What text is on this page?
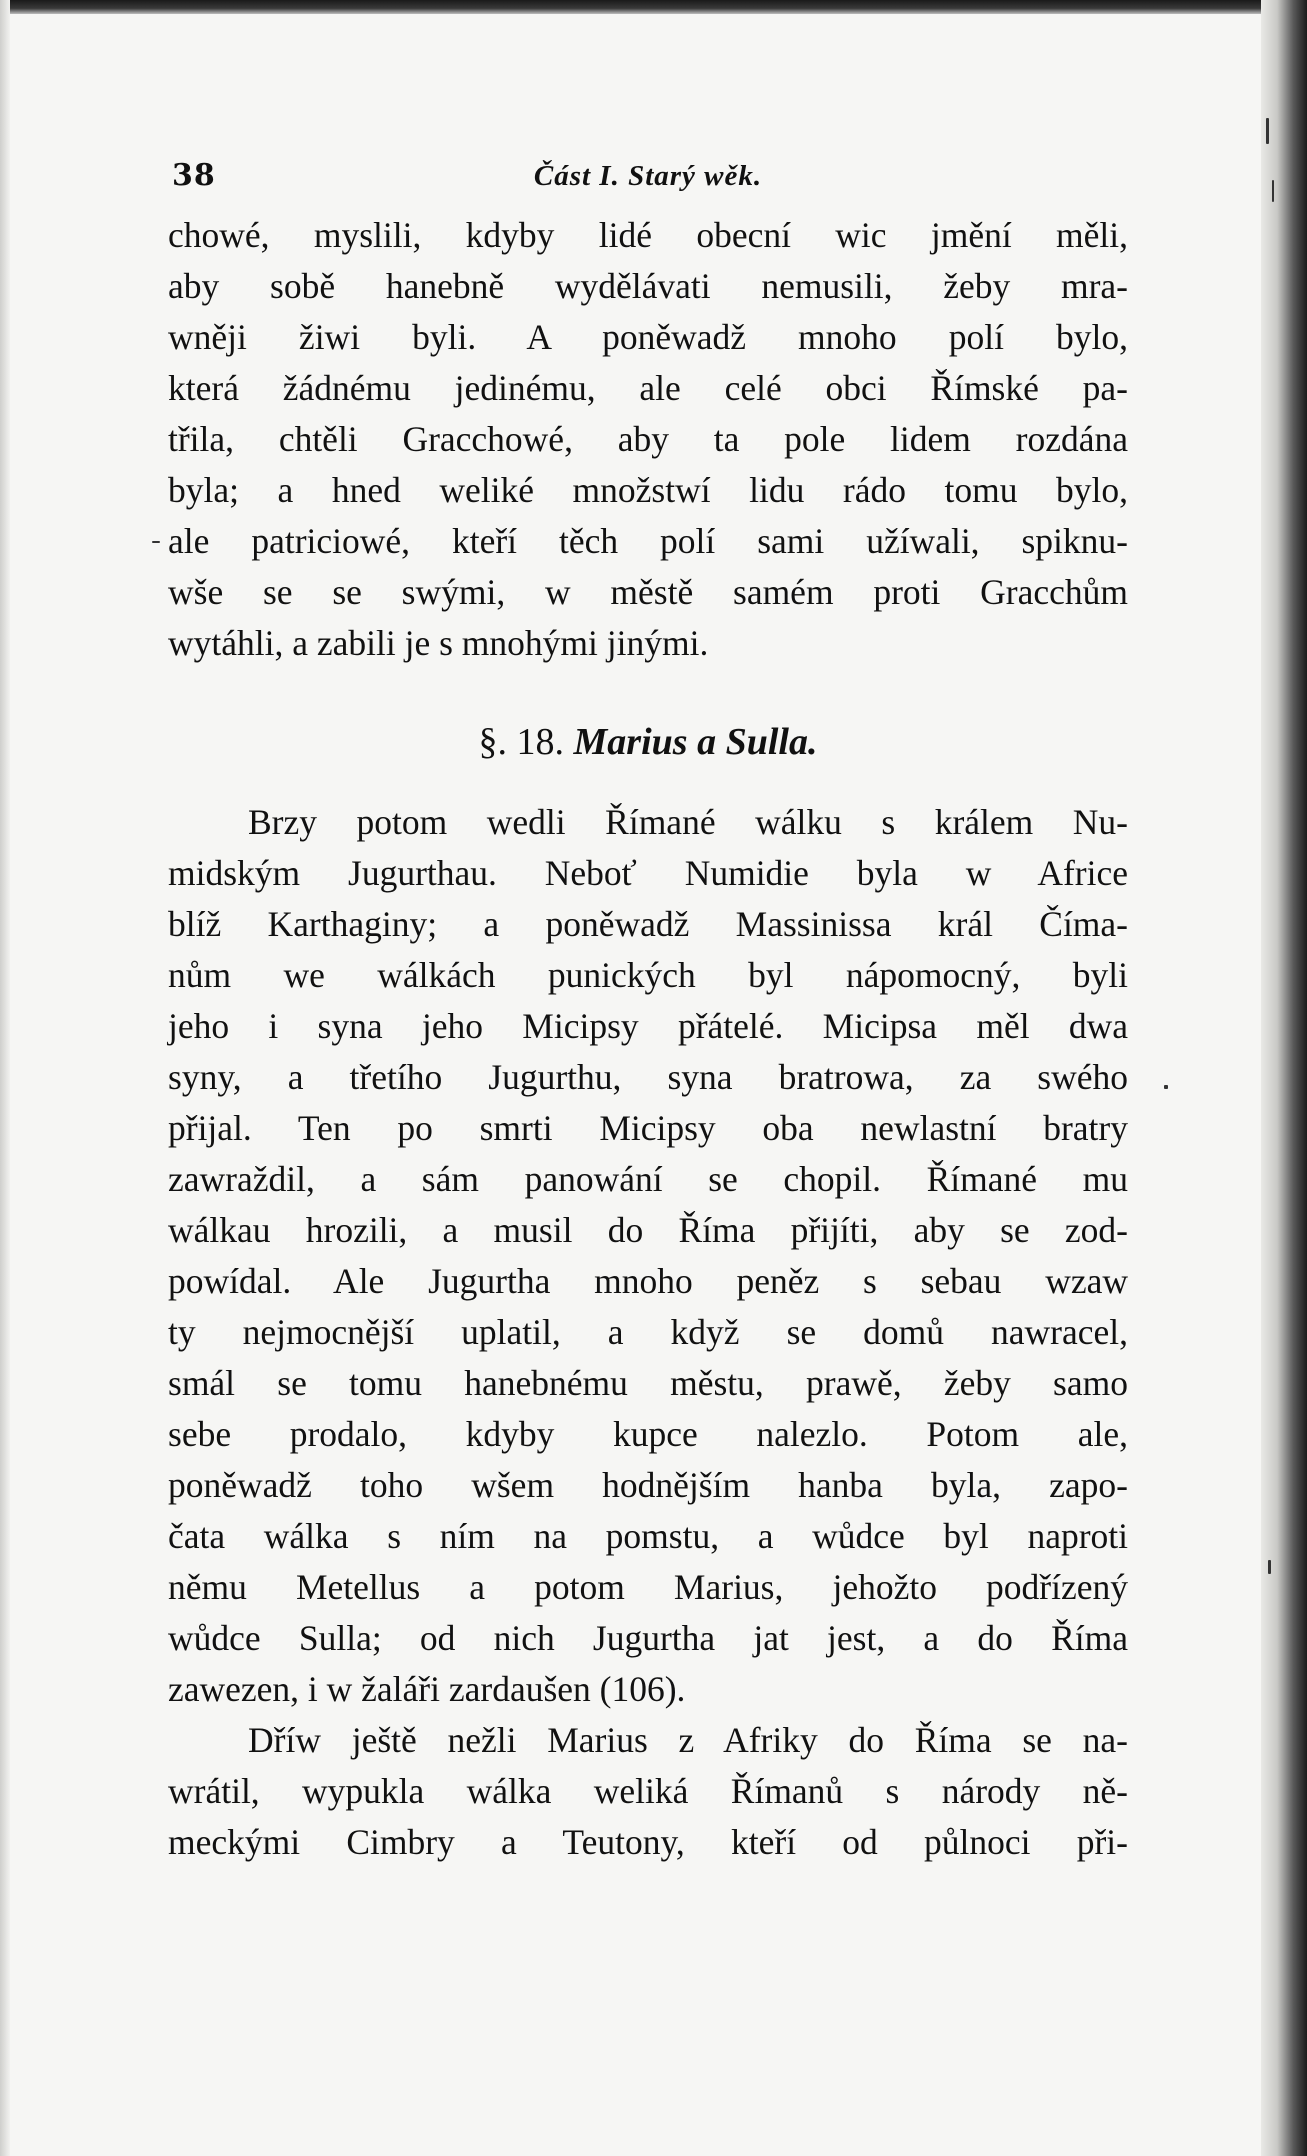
38	Část I. Starý wěk.
chowé, myslili, kdyby lidé obecní wic jmění měli,
aby sobě hanebně wydělávati nemusili, žeby mra-
wněji žiwi byli. A poněwadž mnoho polí bylo,
která žádnému jedinému, ale celé obci Římské pa-
třila, chtěli Gracchowé, aby ta pole lidem rozdána
byla; a hned weliké množstwí lidu rádo tomu bylo,
ale patriciowé, kteří těch polí sami užíwali, spiknu-
wše se se swými, w městě samém proti Gracchům
wytáhli, a zabili je s mnohými jinými.
§. 18. Marius a Sulla.
Brzy potom wedli Římané wálku s králem Nu-
midským Jugurthau. Neboť Numidie byla w Africe
blíž Karthaginy; a poněwadž Massinissa král Číma-
nům we wálkách punických byl nápomocný, byli
jeho i syna jeho Micipsy přátelé. Micipsa měl dwa
syny, a třetího Jugurthu, syna bratrowa, za swého
přijal. Ten po smrti Micipsy oba newlastní bratry
zawraždil, a sám panowání se chopil. Římané mu
wálkau hrozili, a musil do Říma přijíti, aby se zod-
powídal. Ale Jugurtha mnoho peněz s sebau wzaw
ty nejmocnější uplatil, a když se domů nawracel,
smál se tomu hanebnému městu, prawě, žeby samo
sebe prodalo, kdyby kupce nalezlo. Potom ale,
poněwadž toho wšem hodnějším hanba byla, zapo-
čata wálka s ním na pomstu, a wůdce byl naproti
němu Metellus a potom Marius, jehožto podřízený
wůdce Sulla; od nich Jugurtha jat jest, a do Říma
zawezen, i w žaláři zardaušen (106).
Dříw ještě nežli Marius z Afriky do Říma se na-
wrátil, wypukla wálka weliká Římanů s národy ně-
meckými Cimbry a Teutony, kteří od půlnoci při-
